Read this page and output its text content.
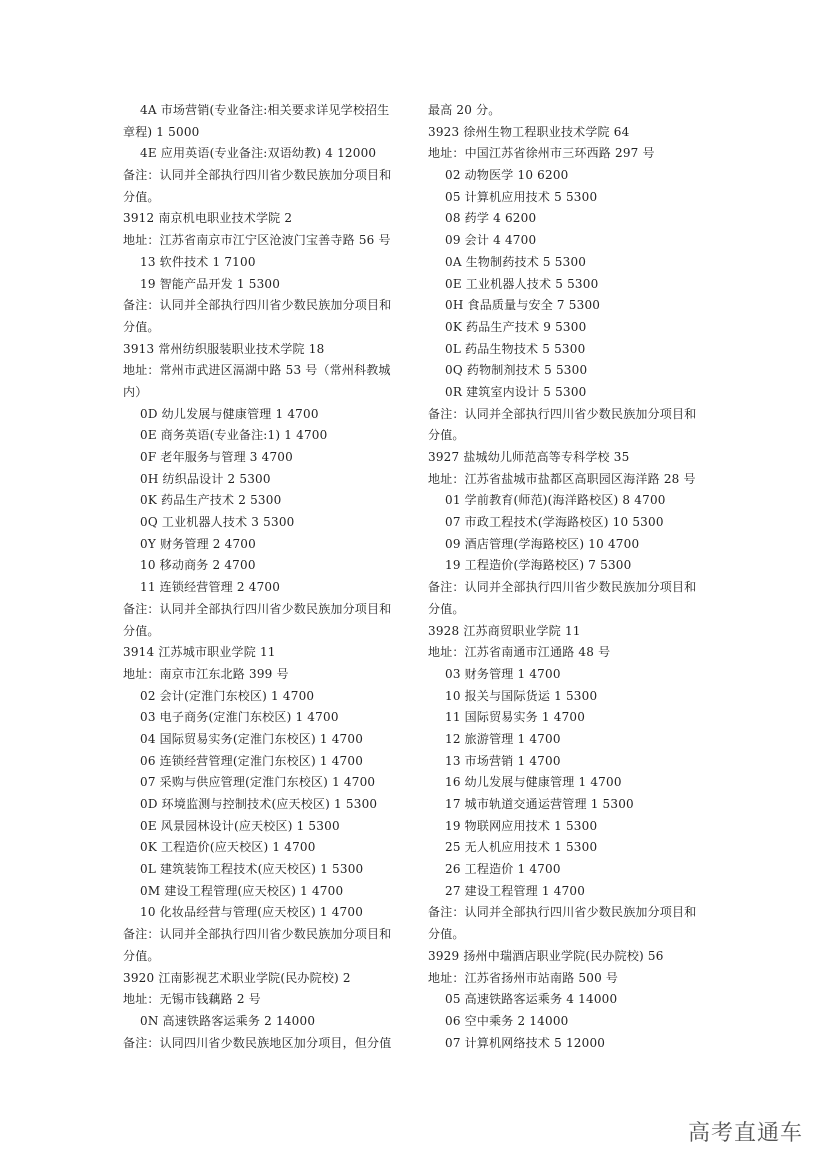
4A 市场营销(专业备注:相关要求详见学校招生
章程) 1 5000
4E 应用英语(专业备注:双语幼教) 4 12000
备注：认同并全部执行四川省少数民族加分项目和
分值。
3912 南京机电职业技术学院 2
地址：江苏省南京市江宁区沧波门宝善寺路 56 号
13 软件技术 1 7100
19 智能产品开发 1 5300
备注：认同并全部执行四川省少数民族加分项目和
分值。
3913 常州纺织服装职业技术学院 18
地址：常州市武进区滆湖中路 53 号（常州科教城
内）
0D 幼儿发展与健康管理 1 4700
0E 商务英语(专业备注:1) 1 4700
0F 老年服务与管理 3 4700
0H 纺织品设计 2 5300
0K 药品生产技术 2 5300
0Q 工业机器人技术 3 5300
0Y 财务管理 2 4700
10 移动商务 2 4700
11 连锁经营管理 2 4700
备注：认同并全部执行四川省少数民族加分项目和
分值。
3914 江苏城市职业学院 11
地址：南京市江东北路 399 号
02 会计(定淮门东校区) 1 4700
03 电子商务(定淮门东校区) 1 4700
04 国际贸易实务(定淮门东校区) 1 4700
06 连锁经营管理(定淮门东校区) 1 4700
07 采购与供应管理(定淮门东校区) 1 4700
0D 环境监测与控制技术(应天校区) 1 5300
0E 风景园林设计(应天校区) 1 5300
0K 工程造价(应天校区) 1 4700
0L 建筑装饰工程技术(应天校区) 1 5300
0M 建设工程管理(应天校区) 1 4700
10 化妆品经营与管理(应天校区) 1 4700
备注：认同并全部执行四川省少数民族加分项目和
分值。
3920 江南影视艺术职业学院(民办院校) 2
地址：无锡市钱藕路 2 号
0N 高速铁路客运乘务 2 14000
备注：认同四川省少数民族地区加分项目，但分值
最高 20 分。
3923 徐州生物工程职业技术学院 64
地址：中国江苏省徐州市三环西路 297 号
02 动物医学 10 6200
05 计算机应用技术 5 5300
08 药学 4 6200
09 会计 4 4700
0A 生物制药技术 5 5300
0E 工业机器人技术 5 5300
0H 食品质量与安全 7 5300
0K 药品生产技术 9 5300
0L 药品生物技术 5 5300
0Q 药物制剂技术 5 5300
0R 建筑室内设计 5 5300
备注：认同并全部执行四川省少数民族加分项目和
分值。
3927 盐城幼儿师范高等专科学校 35
地址：江苏省盐城市盐都区高职园区海洋路 28 号
01 学前教育(师范)(海洋路校区) 8 4700
07 市政工程技术(学海路校区) 10 5300
09 酒店管理(学海路校区) 10 4700
19 工程造价(学海路校区) 7 5300
备注：认同并全部执行四川省少数民族加分项目和
分值。
3928 江苏商贸职业学院 11
地址：江苏省南通市江通路 48 号
03 财务管理 1 4700
10 报关与国际货运 1 5300
11 国际贸易实务 1 4700
12 旅游管理 1 4700
13 市场营销 1 4700
16 幼儿发展与健康管理 1 4700
17 城市轨道交通运营管理 1 5300
19 物联网应用技术 1 5300
25 无人机应用技术 1 5300
26 工程造价 1 4700
27 建设工程管理 1 4700
备注：认同并全部执行四川省少数民族加分项目和
分值。
3929 扬州中瑞酒店职业学院(民办院校) 56
地址：江苏省扬州市站南路 500 号
05 高速铁路客运乘务 4 14000
06 空中乘务 2 14000
07 计算机网络技术 5 12000
高考直通车
